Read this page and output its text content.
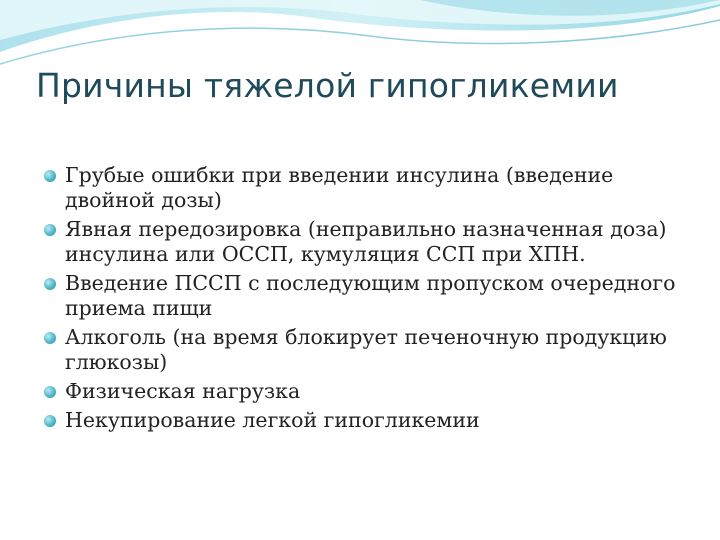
Причины тяжелой гипогликемии
Грубые ошибки при введении инсулина (введение двойной дозы)
Явная передозировка (неправильно назначенная доза) инсулина или ОССП, кумуляция ССП при ХПН.
Введение ПССП с последующим пропуском очередного приема пищи
Алкоголь (на время блокирует печеночную продукцию глюкозы)
Физическая нагрузка
Некупирование легкой гипогликемии
